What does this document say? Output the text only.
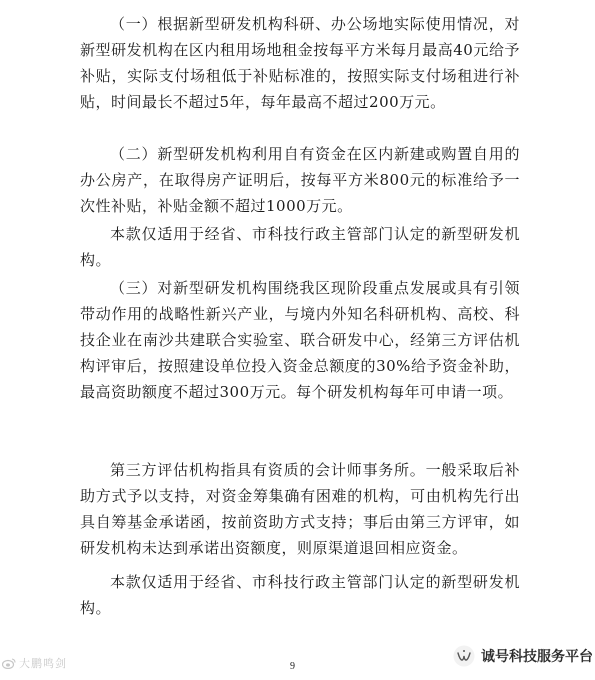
（一）根据新型研发机构科研、办公场地实际使用情况，对新型研发机构在区内租用场地租金按每平方米每月最高40元给予补贴，实际支付场租低于补贴标准的，按照实际支付场租进行补贴，时间最长不超过5年，每年最高不超过200万元。

（二）新型研发机构利用自有资金在区内新建或购置自用的办公房产，在取得房产证明后，按每平方米800元的标准给予一次性补贴，补贴金额不超过1000万元。

本款仅适用于经省、市科技行政主管部门认定的新型研发机构。

（三）对新型研发机构围绕我区现阶段重点发展或具有引领带动作用的战略性新兴产业，与境内外知名科研机构、高校、科技企业在南沙共建联合实验室、联合研发中心，经第三方评估机构评审后，按照建设单位投入资金总额度的30%给予资金补助，最高资助额度不超过300万元。每个研发机构每年可申请一项。

第三方评估机构指具有资质的会计师事务所。一般采取后补助方式予以支持，对资金筹集确有困难的机构，可由机构先行出具自筹基金承诺函，按前资助方式支持；事后由第三方评审，如研发机构未达到承诺出资额度，则原渠道退回相应资金。

本款仅适用于经省、市科技行政主管部门认定的新型研发机构。

9
大鹏鸣剑	诚号科技服务平台
